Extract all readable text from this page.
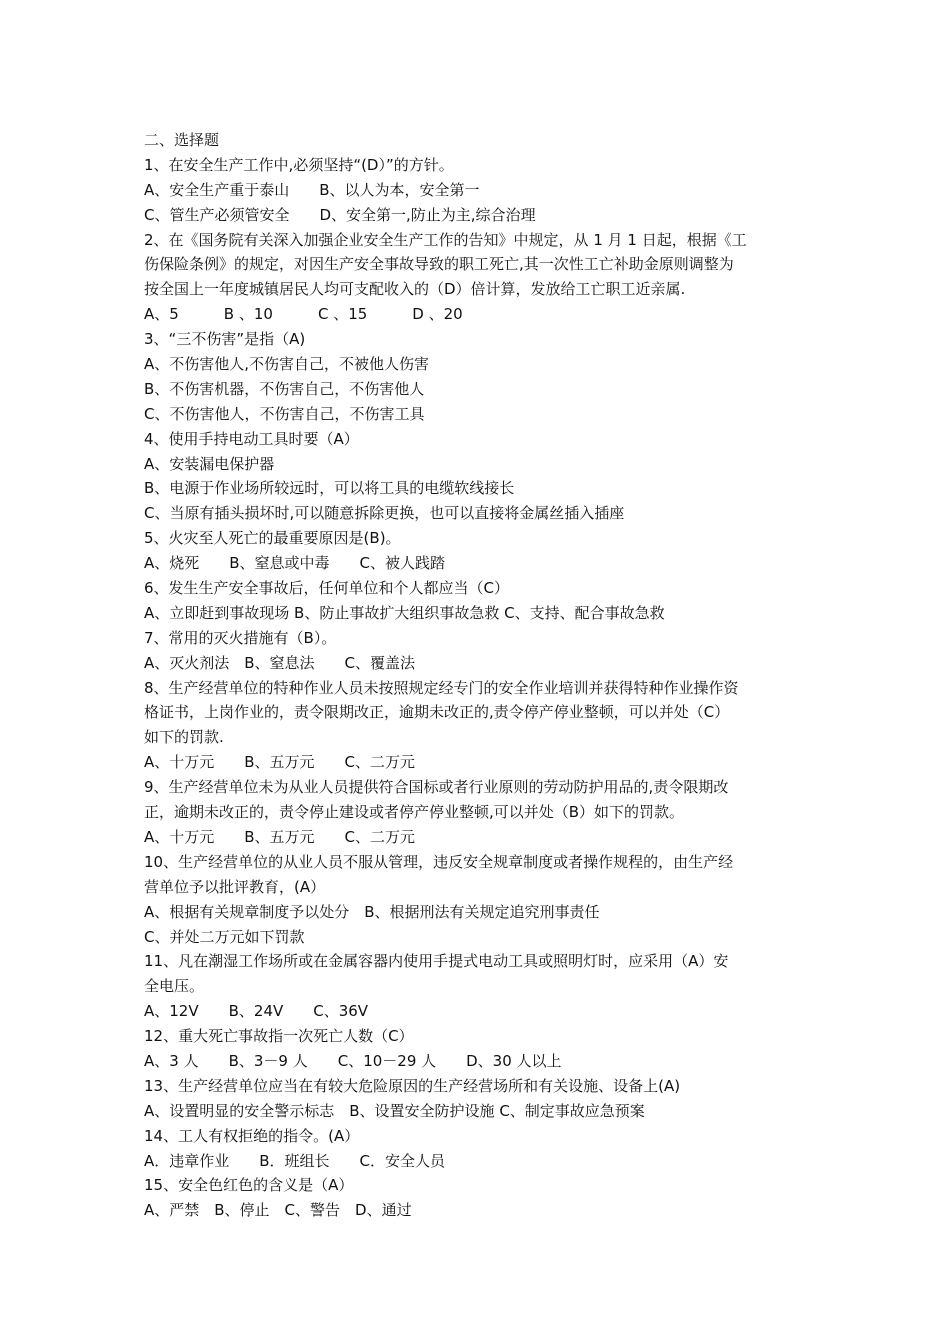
二、选择题
1、在安全生产工作中,必须坚持“(D）”的方针。
A、安全生产重于泰山　　B、以人为本，安全第一
C、管生产必须管安全　　D、安全第一,防止为主,综合治理
2、在《国务院有关深入加强企业安全生产工作的告知》中规定，从 1 月 1 日起，根据《工
伤保险条例》的规定，对因生产安全事故导致的职工死亡,其一次性工亡补助金原则调整为
按全国上一年度城镇居民人均可支配收入的（D）倍计算，发放给工亡职工近亲属.
A、5　　　B 、10　　　C 、15　　　D 、20
3、“三不伤害”是指（A)
A、不伤害他人,不伤害自己，不被他人伤害
B、不伤害机器，不伤害自己，不伤害他人
C、不伤害他人，不伤害自己，不伤害工具
4、使用手持电动工具时要（A）
A、安装漏电保护器
B、电源于作业场所较远时，可以将工具的电缆软线接长
C、当原有插头损坏时,可以随意拆除更换，也可以直接将金属丝插入插座
5、火灾至人死亡的最重要原因是(B)。
A、烧死　　B、窒息或中毒　　C、被人践踏
6、发生生产安全事故后，任何单位和个人都应当（C）
A、立即赶到事故现场 B、防止事故扩大组织事故急救 C、支持、配合事故急救
7、常用的灭火措施有（B）。
A、灭火剂法　B、窒息法　　C、覆盖法
8、生产经营单位的特种作业人员未按照规定经专门的安全作业培训并获得特种作业操作资
格证书，上岗作业的，责令限期改正，逾期未改正的,责令停产停业整顿，可以并处（C）
如下的罚款.
A、十万元　　B、五万元　　C、二万元
9、生产经营单位未为从业人员提供符合国标或者行业原则的劳动防护用品的,责令限期改
正，逾期未改正的，责令停止建设或者停产停业整顿,可以并处（B）如下的罚款。
A、十万元　　B、五万元　　C、二万元
10、生产经营单位的从业人员不服从管理，违反安全规章制度或者操作规程的，由生产经
营单位予以批评教育，(A）
A、根据有关规章制度予以处分　B、根据刑法有关规定追究刑事责任
C、并处二万元如下罚款
11、凡在潮湿工作场所或在金属容器内使用手提式电动工具或照明灯时，应采用（A）安
全电压。
A、12V　　B、24V　　C、36V
12、重大死亡事故指一次死亡人数（C）
A、3 人　　B、3－9 人　　C、10－29 人　　D、30 人以上
13、生产经营单位应当在有较大危险原因的生产经营场所和有关设施、设备上(A)
A、设置明显的安全警示标志　B、设置安全防护设施 C、制定事故应急预案
14、工人有权拒绝的指令。(A）
A．违章作业　　B．班组长　　C．安全人员
15、安全色红色的含义是（A）
A、严禁　B、停止　C、警告　D、通过
